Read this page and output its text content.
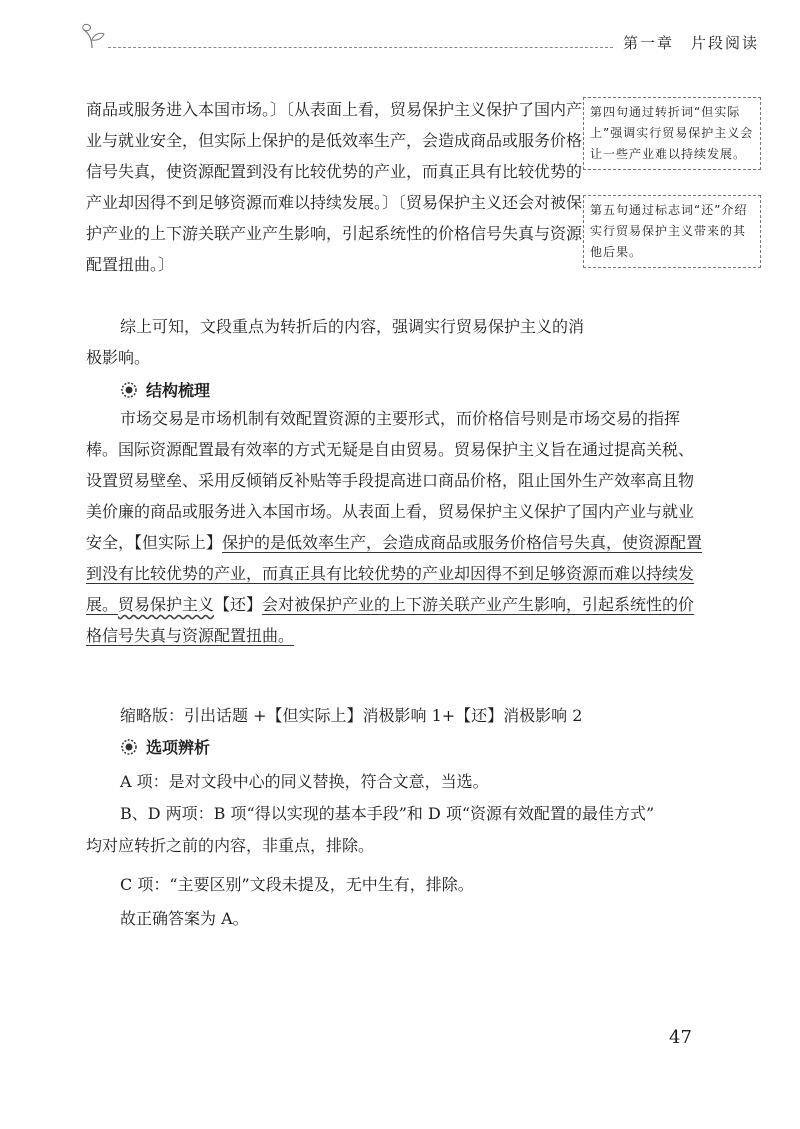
第一章　片段阅读

商品或服务进入本国市场。〕〔从表面上看，贸易保护主义保护了国内产业与就业安全，但实际上保护的是低效率生产，会造成商品或服务价格信号失真，使资源配置到没有比较优势的产业，而真正具有比较优势的产业却因得不到足够资源而难以持续发展。〕〔贸易保护主义还会对被保护产业的上下游关联产业产生影响，引起系统性的价格信号失真与资源配置扭曲。〕

第四句通过转折词“但实际上”强调实行贸易保护主义会让一些产业难以持续发展。
第五句通过标志词“还”介绍实行贸易保护主义带来的其他后果。

综上可知，文段重点为转折后的内容，强调实行贸易保护主义的消极影响。

结构梳理

市场交易是市场机制有效配置资源的主要形式，而价格信号则是市场交易的指挥棒。国际资源配置最有效率的方式无疑是自由贸易。贸易保护主义旨在通过提高关税、设置贸易壁垒、采用反倾销反补贴等手段提高进口商品价格，阻止国外生产效率高且物美价廉的商品或服务进入本国市场。从表面上看，贸易保护主义保护了国内产业与就业安全，【但实际上】保护的是低效率生产，会造成商品或服务价格信号失真，使资源配置到没有比较优势的产业，而真正具有比较优势的产业却因得不到足够资源而难以持续发展。贸易保护主义【还】会对被保护产业的上下游关联产业产生影响，引起系统性的价格信号失真与资源配置扭曲。

缩略版：引出话题 +【但实际上】消极影响 1+【还】消极影响 2
选项辨析
A 项：是对文段中心的同义替换，符合文意，当选。
B、D 两项：B 项“得以实现的基本手段”和 D 项“资源有效配置的最佳方式”
均对应转折之前的内容，非重点，排除。
C 项：“主要区别”文段未提及，无中生有，排除。
故正确答案为 A。
47
